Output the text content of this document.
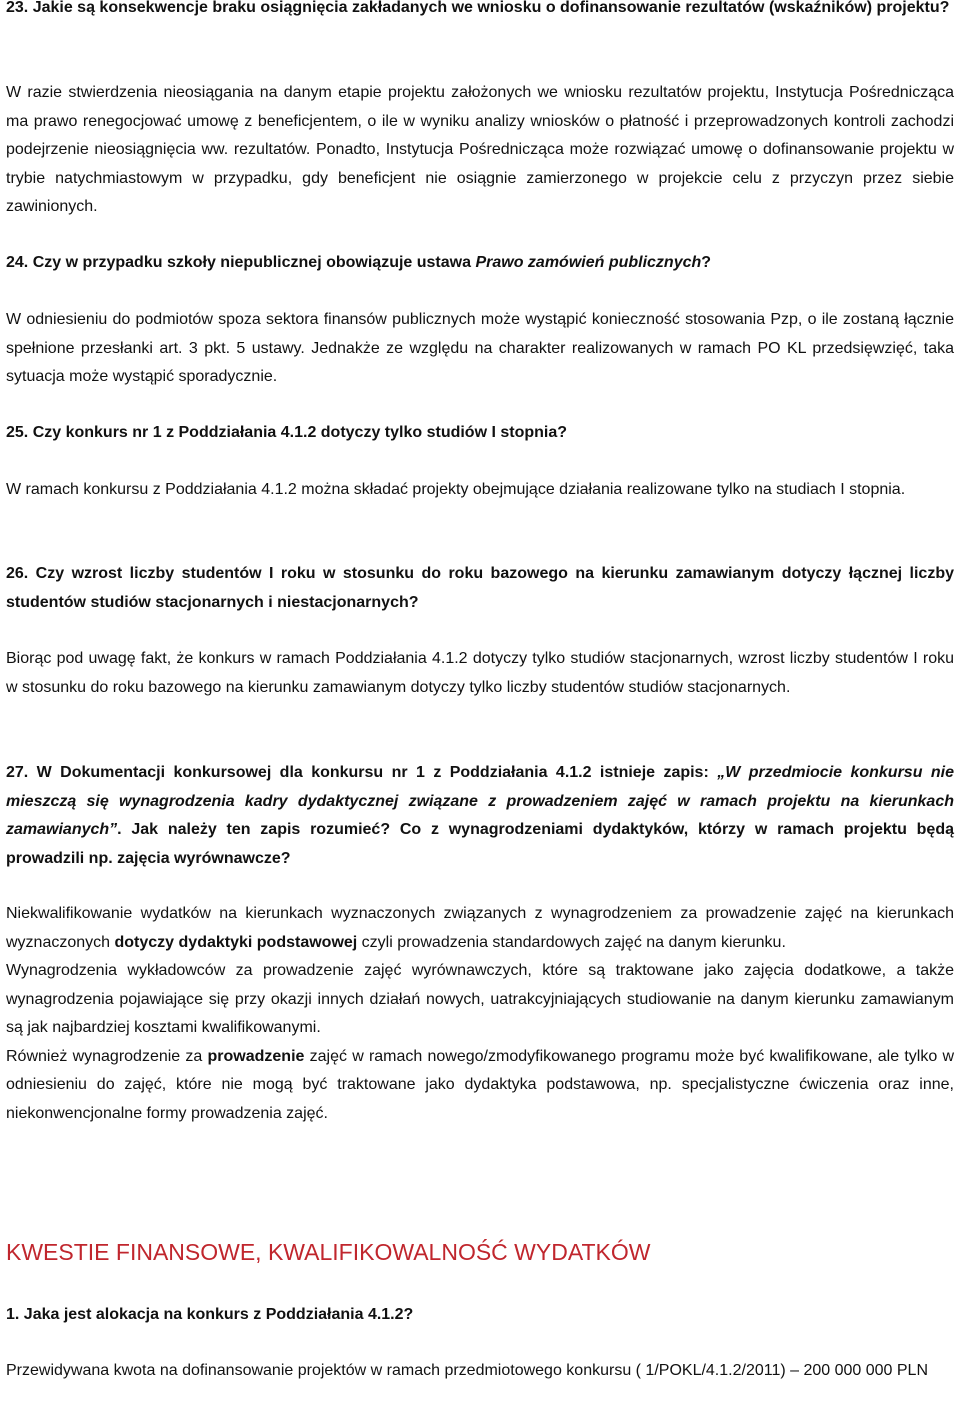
23. Jakie są konsekwencje braku osiągnięcia zakładanych we wniosku o dofinansowanie rezultatów (wskaźników) projektu?

W razie stwierdzenia nieosiągania na danym etapie projektu założonych we wniosku rezultatów projektu, Instytucja Pośrednicząca ma prawo renegocjować umowę z beneficjentem, o ile w wyniku analizy wniosków o płatność i przeprowadzonych kontroli zachodzi podejrzenie nieosiągnięcia ww. rezultatów. Ponadto, Instytucja Pośrednicząca może rozwiązać umowę o dofinansowanie projektu w trybie natychmiastowym w przypadku, gdy beneficjent nie osiągnie zamierzonego w projekcie celu z przyczyn przez siebie zawinionych.

24. Czy w przypadku szkoły niepublicznej obowiązuje ustawa Prawo zamówień publicznych?

W odniesieniu do podmiotów spoza sektora finansów publicznych może wystąpić konieczność stosowania Pzp, o ile zostaną łącznie spełnione przesłanki art. 3 pkt. 5 ustawy. Jednakże ze względu na charakter realizowanych w ramach PO KL przedsięwzięć, taka sytuacja może wystąpić sporadycznie.

25. Czy konkurs nr 1 z Poddziałania 4.1.2 dotyczy tylko studiów I stopnia?

W ramach konkursu z Poddziałania 4.1.2 można składać projekty obejmujące działania realizowane tylko na studiach I stopnia.

26. Czy wzrost liczby studentów I roku w stosunku do roku bazowego na kierunku zamawianym dotyczy łącznej liczby studentów studiów stacjonarnych i niestacjonarnych?

Biorąc pod uwagę fakt, że konkurs w ramach Poddziałania 4.1.2 dotyczy tylko studiów stacjonarnych, wzrost liczby studentów I roku w stosunku do roku bazowego na kierunku zamawianym dotyczy tylko liczby studentów studiów stacjonarnych.

27. W Dokumentacji konkursowej dla konkursu nr 1 z Poddziałania 4.1.2 istnieje zapis: „W przedmiocie konkursu nie mieszczą się wynagrodzenia kadry dydaktycznej związane z prowadzeniem zajęć w ramach projektu na kierunkach zamawianych”. Jak należy ten zapis rozumieć? Co z wynagrodzeniami dydaktyków, którzy w ramach projektu będą prowadzili np. zajęcia wyrównawcze?

Niekwalifikowanie wydatków na kierunkach wyznaczonych związanych z wynagrodzeniem za prowadzenie zajęć na kierunkach wyznaczonych dotyczy dydaktyki podstawowej czyli prowadzenia standardowych zajęć na danym kierunku.

Wynagrodzenia wykładowców za prowadzenie zajęć wyrównawczych, które są traktowane jako zajęcia dodatkowe, a także wynagrodzenia pojawiające się przy okazji innych działań nowych, uatrakcyjniających studiowanie na danym kierunku zamawianym są jak najbardziej kosztami kwalifikowanymi.

Również wynagrodzenie za prowadzenie zajęć w ramach nowego/zmodyfikowanego programu może być kwalifikowane, ale tylko w odniesieniu do zajęć, które nie mogą być traktowane jako dydaktyka podstawowa, np. specjalistyczne ćwiczenia oraz inne, niekonwencjonalne formy prowadzenia zajęć.

KWESTIE FINANSOWE, KWALIFIKOWALNOŚĆ WYDATKÓW

1. Jaka jest alokacja na konkurs z Poddziałania 4.1.2?

Przewidywana kwota na dofinansowanie projektów w ramach przedmiotowego konkursu ( 1/POKL/4.1.2/2011) – 200 000 000 PLN
